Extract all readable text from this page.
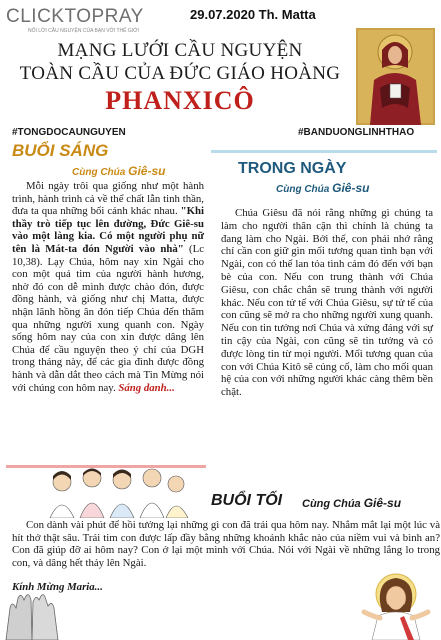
CLICKTOPRAY
NỐI LỜI CẦU NGUYỆN CỦA BẠN VỚI THẾ GIỚI
29.07.2020 Th. Matta
MẠNG LƯỚI CẦU NGUYỆN
TOÀN CẦU CỦA ĐỨC GIÁO HOÀNG
PHANXICÔ
#TONGDOCAUNGUYEN	#BANDUONGLINHTHAO
BUỔI SÁNG
Cùng Chúa Giê-su

Mỗi ngày trôi qua giống như một hành trình, hành trình cả về thể chất lẫn tinh thần, đưa ta qua những bối cảnh khác nhau. "Khi thầy trò tiếp tục lên đường, Đức Giê-su vào một làng kia. Có một người phụ nữ tên là Mát-ta đón Người vào nhà" (Lc 10,38). Lạy Chúa, hôm nay xin Ngài cho con một quả tim của người hành hương, nhờ đó con dễ mình được chào đón, được đồng hành, và giống như chị Matta, được nhận lãnh hồng ân đón tiếp Chúa đến thăm qua những người xung quanh con. Ngày sống hôm nay của con xin được dâng lên Chúa để cầu nguyện theo ý chỉ của DGH trong tháng này, để các gia đình được đồng hành và dẫn dắt theo cách mà Tin Mừng nói với chúng con hôm nay. Sáng danh...

TRONG NGÀY
Cùng Chúa Giê-su

Chúa Giêsu đã nói rằng những gì chúng ta làm cho người thân cận thì chính là chúng ta đang làm cho Ngài. Bởi thế, con phải nhớ rằng chỉ cần con giữ gìn mối tương quan tình bạn với Ngài, con có thể lan tỏa tình cảm đó đến với bạn bè của con. Nếu con trung thành với Chúa Giêsu, con chắc chắn sẽ trung thành với người khác. Nếu con tử tế với Chúa Giêsu, sự tử tế của con cũng sẽ mở ra cho những người xung quanh. Nếu con tin tưởng nơi Chúa và xứng đáng với sự tin cậy của Ngài, con cũng sẽ tin tưởng và có được lòng tin từ mọi người. Mối tương quan của con với Chúa Kitô sẽ củng cố, làm cho mối quan hệ của con với những người khác càng thêm bền chặt.

BUỔI TỐI Cùng Chúa Giê-su

Con dành vài phút để hồi tưởng lại những gì con đã trải qua hôm nay. Nhắm mắt lại một lúc và hít thở thật sâu. Trái tim con được lấp đầy bằng những khoảnh khắc nào của niềm vui và bình an? Con đã giúp đỡ ai hôm nay? Con ở lại một mình với Chúa. Nói với Ngài về những lắng lo trong con, và dâng hết thảy lên Ngài.

Kính Mừng Maria...
